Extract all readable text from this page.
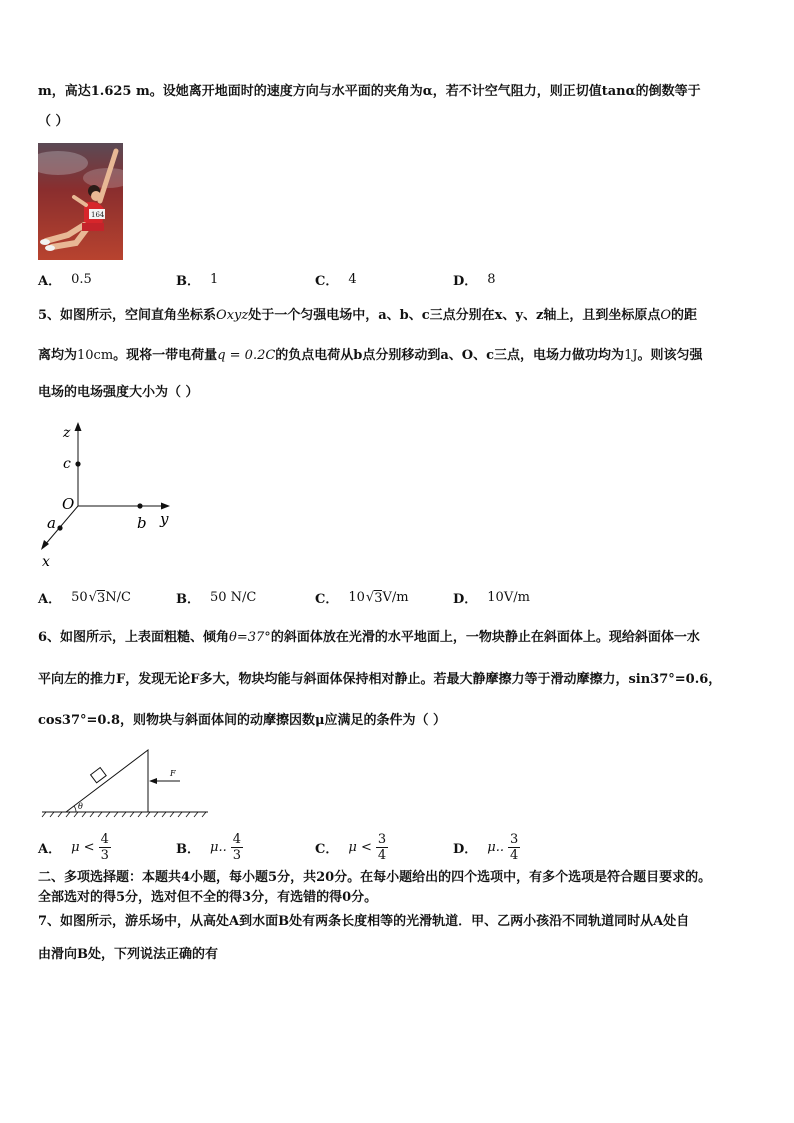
m，高达1.625 m。设她离开地面时的速度方向与水平面的夹角为α，若不计空气阻力，则正切值tanα的倒数等于
（ ）
164
A． 0.5	B． 1	C． 4	D． 8
5、如图所示，空间直角坐标系Oxyz处于一个匀强电场中，a、b、c三点分别在x、y、z轴上，且到坐标原点O的距
离均为10cm。现将一带电荷量q = 0.2C的负点电荷从b点分别移动到a、O、c三点，电场力做功均为1J。则该匀强
电场的电场强度大小为（ ）
z
c
O
a	b y
x
A． 50 √ 3 N/C	B． 50 N/C	C． 10 √ 3 V/m	D． 10V/m
6、如图所示，上表面粗糙、倾角θ=37°的斜面体放在光滑的水平地面上，一物块静止在斜面体上。现给斜面体一水
平向左的推力F，发现无论F多大，物块均能与斜面体保持相对静止。若最大静摩擦力等于滑动摩擦力，sin37°=0.6，
cos37°=0.8，则物块与斜面体间的动摩擦因数μ应满足的条件为（ ）
θ
F
A． $\mu < \frac{4}{3}$	B． μ.. $\frac{4}{3}$	C． $\mu < \frac{3}{4}$	D． μ.. $\frac{3}{4}$
二、多项选择题：本题共4小题，每小题5分，共20分。在每小题给出的四个选项中，有多个选项是符合题目要求的。
全部选对的得5分，选对但不全的得3分，有选错的得0分。
7、如图所示，游乐场中，从高处A到水面B处有两条长度相等的光滑轨道．甲、乙两小孩沿不同轨道同时从A处自
由滑向B处，下列说法正确的有
